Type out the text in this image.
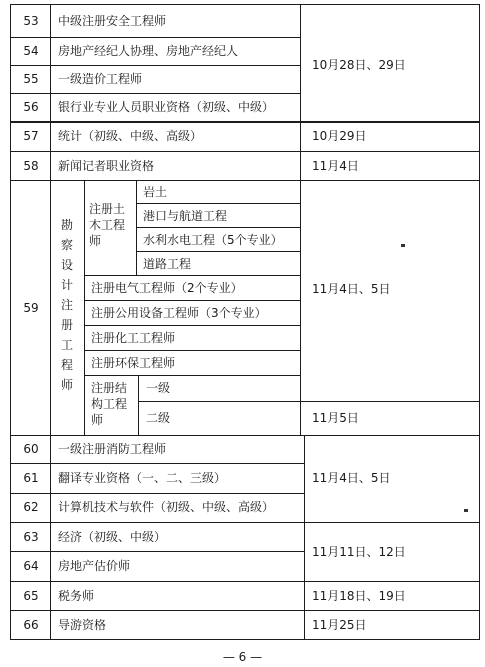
53
54
55
56
57
58
59
60
61
62
63
64
65
66
中级注册安全工程师
房地产经纪人协理、房地产经纪人
一级造价工程师
银行业专业人员职业资格（初级、中级）
统计（初级、中级、高级）
新闻记者职业资格
一级注册消防工程师
翻译专业资格（一、二、三级）
计算机技术与软件（初级、中级、高级）
经济（初级、中级）
房地产估价师
税务师
导游资格
勘
察
设
计
注
册
工
程
师
注册土木工程师
岩土
港口与航道工程
水利水电工程（5个专业）
道路工程
注册电气工程师（2个专业）
注册公用设备工程师（3个专业）
注册化工工程师
注册环保工程师
注册结构工程师
一级
二级
10月28日、29日
10月29日
11月4日
11月4日、5日
11月5日
11月4日、5日
11月11日、12日
11月18日、19日
11月25日
— 6 —
